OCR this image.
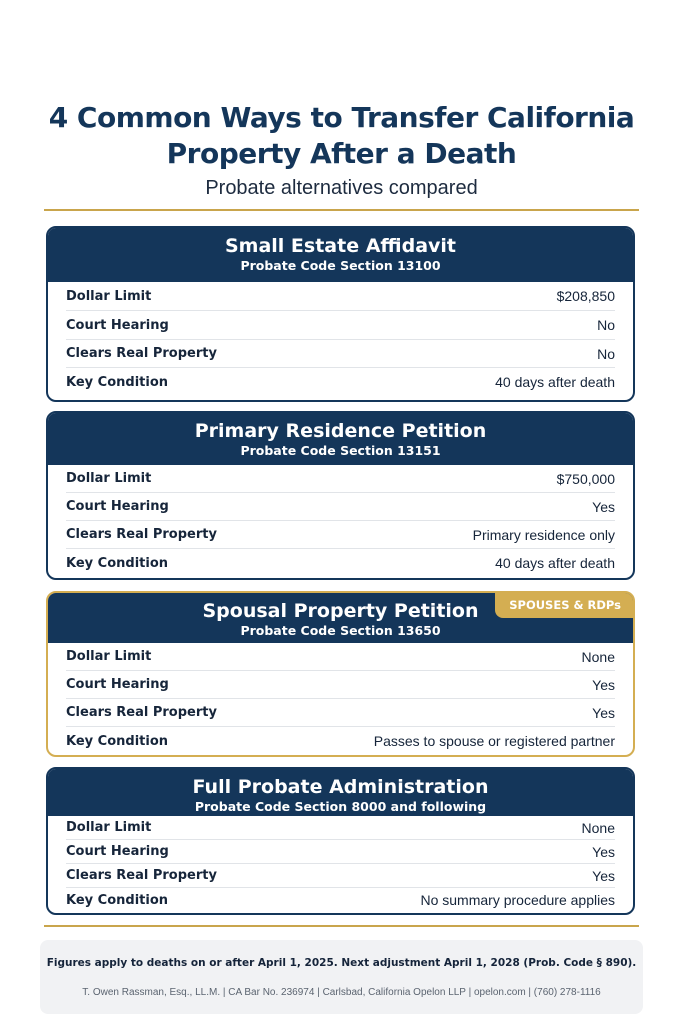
4 Common Ways to Transfer California
Property After a Death
Probate alternatives compared
Small Estate Affidavit
Probate Code Section 13100
Dollar Limit	$208,850
Court Hearing	No
Clears Real Property	No
Key Condition	40 days after death
Primary Residence Petition
Probate Code Section 13151
Dollar Limit	$750,000
Court Hearing	Yes
Clears Real Property	Primary residence only
Key Condition	40 days after death
Spousal Property Petition
Probate Code Section 13650
SPOUSES & RDPs
Dollar Limit	None
Court Hearing	Yes
Clears Real Property	Yes
Key Condition	Passes to spouse or registered partner
Full Probate Administration
Probate Code Section 8000 and following
Dollar Limit	None
Court Hearing	Yes
Clears Real Property	Yes
Key Condition	No summary procedure applies
Figures apply to deaths on or after April 1, 2025. Next adjustment April 1, 2028 (Prob. Code § 890).
T. Owen Rassman, Esq., LL.M. | CA Bar No. 236974 | Carlsbad, California Opelon LLP | opelon.com | (760) 278-1116
